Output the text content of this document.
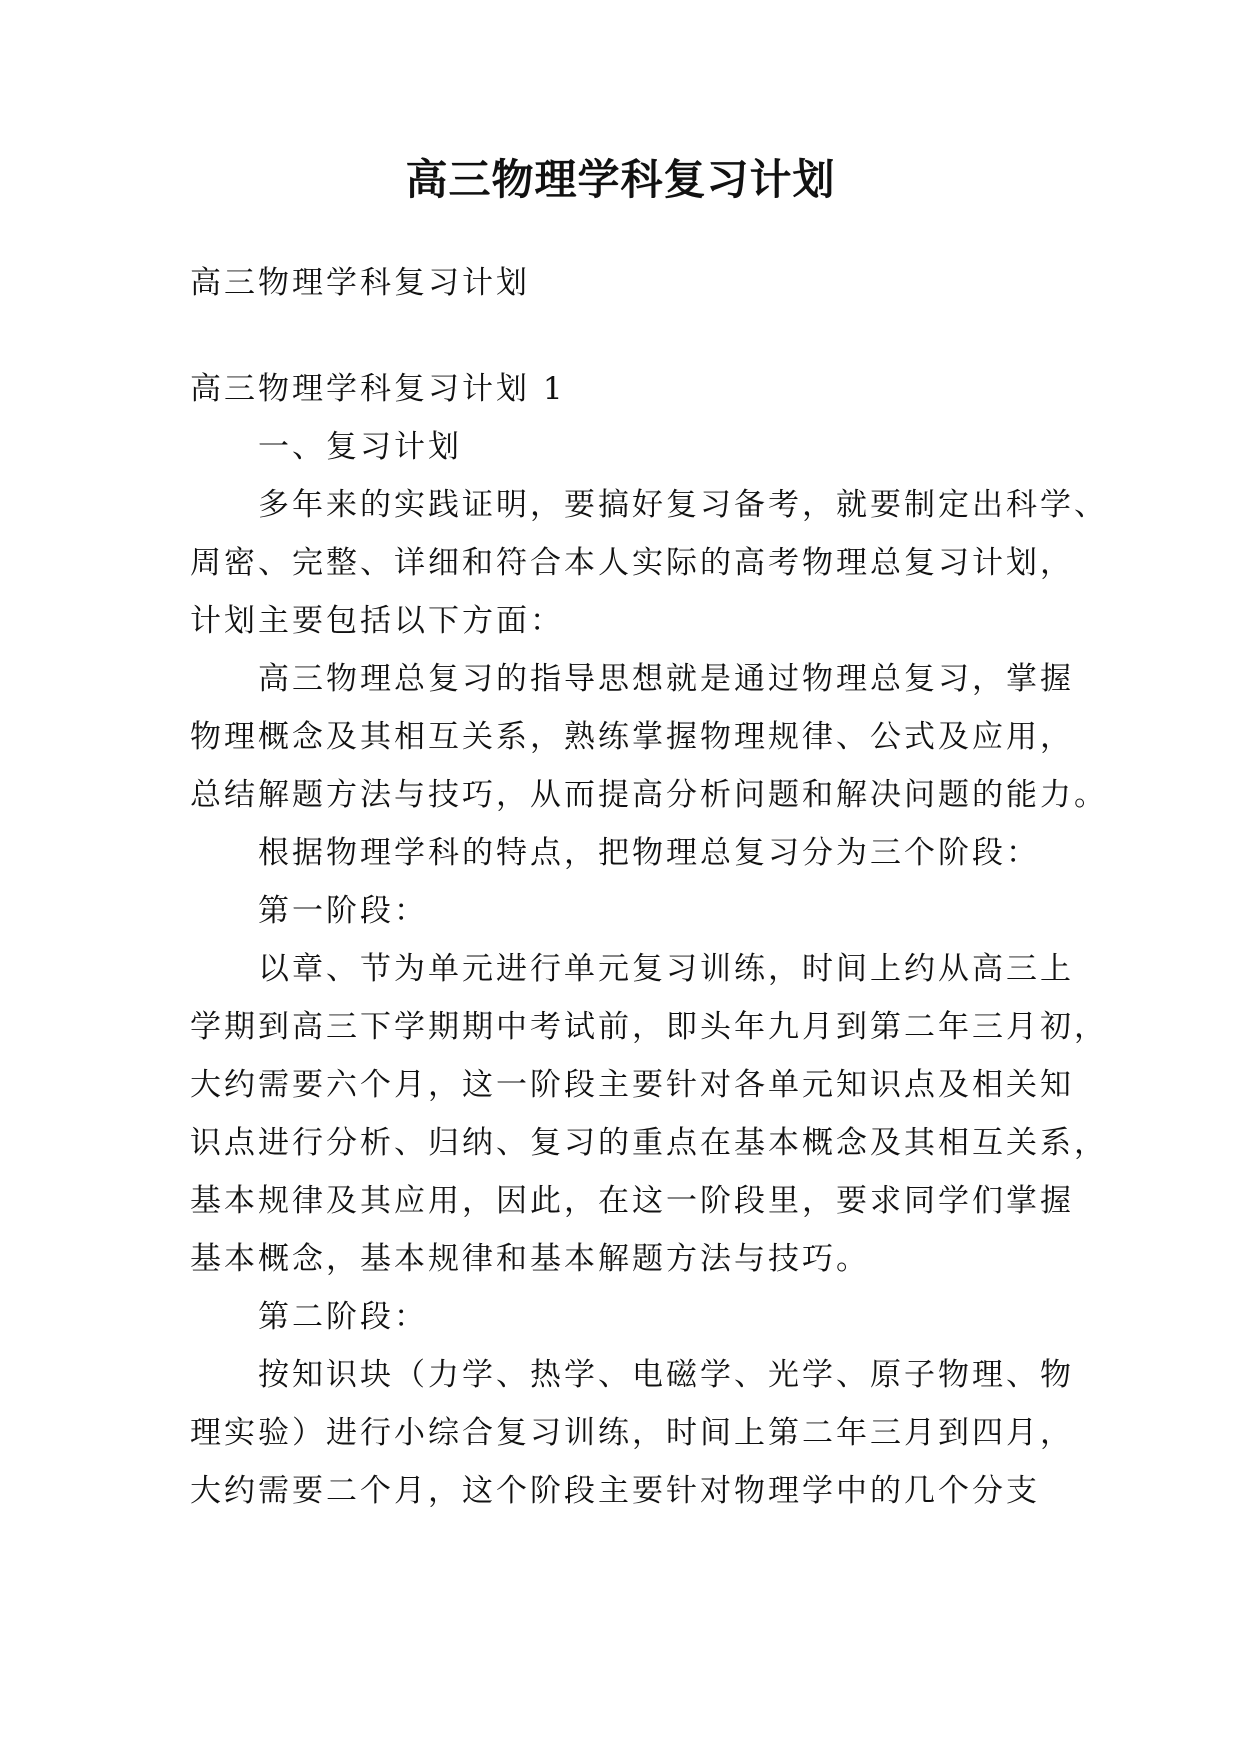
高三物理学科复习计划
高三物理学科复习计划
高三物理学科复习计划 1
　　一、复习计划
　　多年来的实践证明，要搞好复习备考，就要制定出科学、
周密、完整、详细和符合本人实际的高考物理总复习计划，
计划主要包括以下方面：
　　高三物理总复习的指导思想就是通过物理总复习，掌握
物理概念及其相互关系，熟练掌握物理规律、公式及应用，
总结解题方法与技巧，从而提高分析问题和解决问题的能力。
　　根据物理学科的特点，把物理总复习分为三个阶段：
　　第一阶段：
　　以章、节为单元进行单元复习训练，时间上约从高三上
学期到高三下学期期中考试前，即头年九月到第二年三月初，
大约需要六个月，这一阶段主要针对各单元知识点及相关知
识点进行分析、归纳、复习的重点在基本概念及其相互关系，
基本规律及其应用，因此，在这一阶段里，要求同学们掌握
基本概念，基本规律和基本解题方法与技巧。
　　第二阶段：
　　按知识块（力学、热学、电磁学、光学、原子物理、物
理实验）进行小综合复习训练，时间上第二年三月到四月，
大约需要二个月，这个阶段主要针对物理学中的几个分支
